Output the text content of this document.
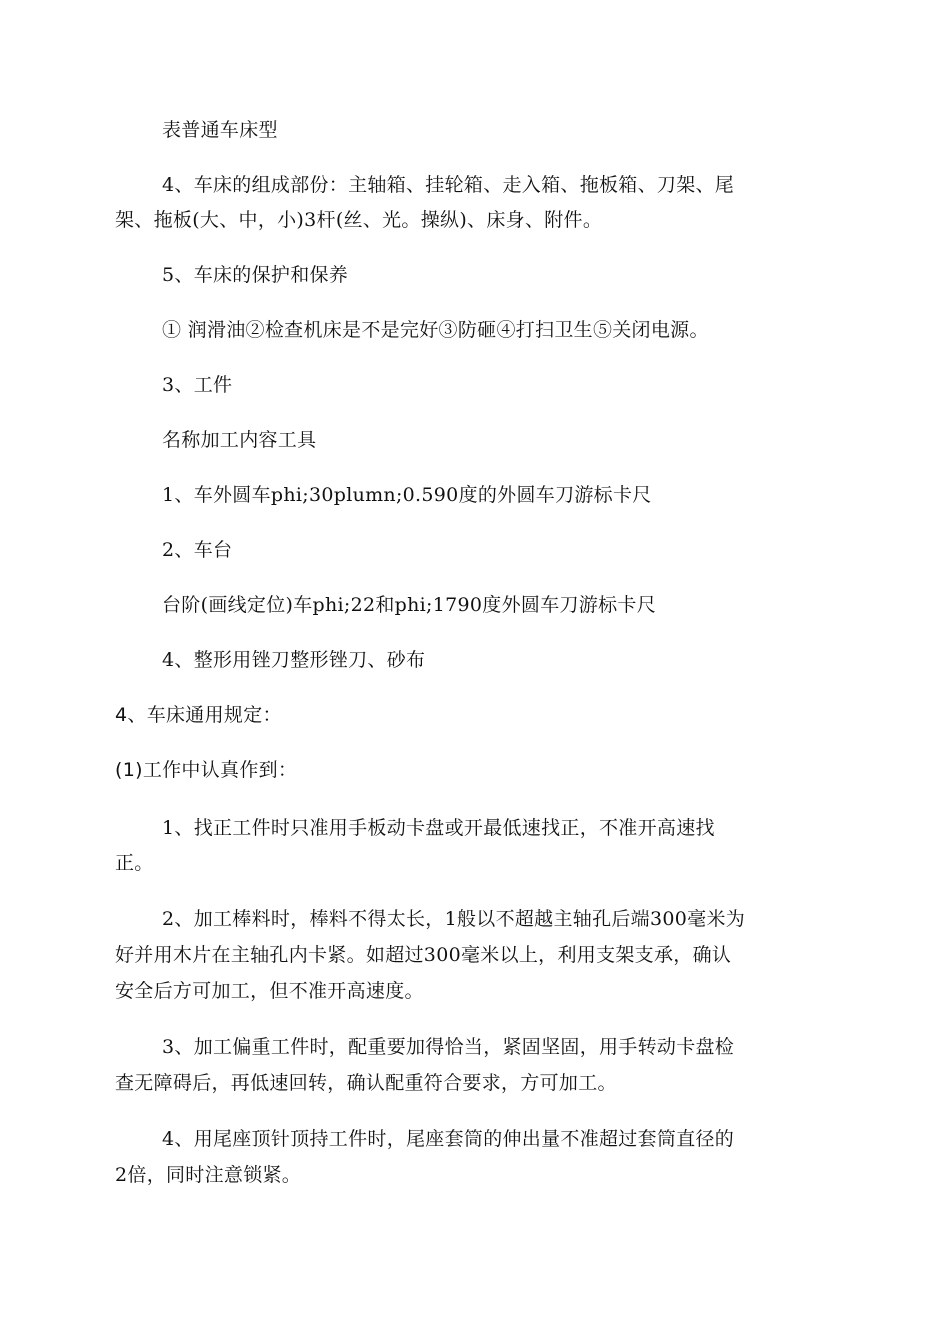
表普通车床型
4、车床的组成部份：主轴箱、挂轮箱、走入箱、拖板箱、刀架、尾
架、拖板(大、中，小)3杆(丝、光。操纵)、床身、附件。
5、车床的保护和保养
① 润滑油②检查机床是不是完好③防砸④打扫卫生⑤关闭电源。
3、工件
名称加工内容工具
1、车外圆车phi;30plumn;0.590度的外圆车刀游标卡尺
2、车台
台阶(画线定位)车phi;22和phi;1790度外圆车刀游标卡尺
4、整形用锉刀整形锉刀、砂布
4、车床通用规定：
(1)工作中认真作到：
1、找正工件时只准用手板动卡盘或开最低速找正，不准开高速找
正。
2、加工棒料时，棒料不得太长，1般以不超越主轴孔后端300毫米为
好并用木片在主轴孔内卡紧。如超过300毫米以上，利用支架支承，确认
安全后方可加工，但不准开高速度。
3、加工偏重工件时，配重要加得恰当，紧固坚固，用手转动卡盘检
查无障碍后，再低速回转，确认配重符合要求，方可加工。
4、用尾座顶针顶持工件时，尾座套筒的伸出量不准超过套筒直径的
2倍，同时注意锁紧。
